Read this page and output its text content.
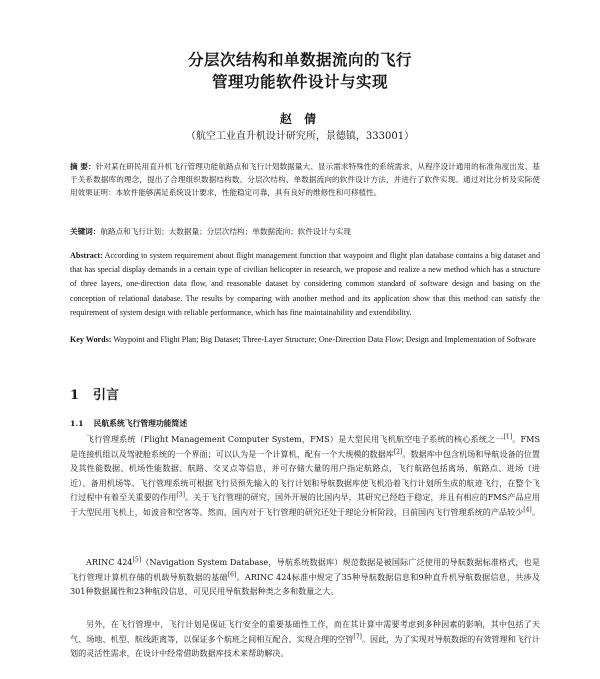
分层次结构和单数据流向的飞行
管理功能软件设计与实现
赵 倩
（航空工业直升机设计研究所，景德镇，333001）
摘 要：针对某在研民用直升机飞行管理功能航路点和飞行计划数据量大、显示需求特殊性的系统需求，从程序设计通用的标准角度出发、基于关系数据库的理念，提出了合理组织数据结构数、分层次结构、单数据流向的软件设计方法，并进行了软件实现。通过对比分析及实际使用效果证明：本软件能够满足系统设计要求，性能稳定可靠，具有良好的维修性和可移植性。
关键词：航路点和飞行计划；大数据量；分层次结构；单数据流向；软件设计与实现
Abstract: According to system requirement about flight management function that waypoint and flight plan database contains a big dataset and that has special display demands in a certain type of civilian helicopter in research, we propose and realize a new method which has a structure of three layers, one-direction data flow, and reasonable dataset by considering common standard of software design and basing on the conception of relational database. The results by comparing with another method and its application show that this method can satisfy the requirement of system design with reliable performance, which has fine maintainability and extendibility.
Key Words: Waypoint and Flight Plan; Big Dataset; Three-Layer Structure; One-Direction Data Flow; Design and Implementation of Software
1 引言
1.1 民航系统飞行管理功能简述
飞行管理系统（Flight Management Computer System，FMS）是大型民用飞机航空电子系统的核心系统之一[1]。FMS是连接机组以及驾驶舱系统的一个界面；可以认为是一个计算机，配有一个大规模的数据库[2]。数据库中包含机场和导航设备的位置及其性能数据、机场性能数据、航路、交叉点等信息，并可存储大量的用户指定航路点，飞行航路包括离场、航路点、进场（进近）、备用机场等。飞行管理系统可根据飞行员预先输入的飞行计划和导航数据库使飞机沿着飞行计划所生成的航迹飞行，在整个飞行过程中有着至关重要的作用[3]。关于飞行管理的研究，国外开展的比国内早，其研究已经趋于稳定，并且有相应的FMS产品应用于大型民用飞机上，如波音和空客等。然而，国内对于飞行管理的研究还处于理论分析阶段，目前国内飞行管理系统的产品较少[4]。
ARINC 424[5]（Navigation System Database，导航系统数据库）规范数据是被国际广泛使用的导航数据标准格式，也是飞行管理计算机存储的机载导航数据的基础[6]。ARINC 424标准中规定了35种导航数据信息和9种直升机导航数据信息，共涉及301种数据属性和23种航段信息，可见民用导航数据种类之多和数量之大。
另外，在飞行管理中，飞行计划是保证飞行安全的重要基础性工作，而在其计算中需要考虑到多种因素的影响，其中包括了天气、场地、机型、航线距离等，以保证多个航班之间相互配合，实现合理的空管[7]。因此，为了实现对导航数据的有效管理和飞行计划的灵活性需求，在设计中经常借助数据库技术来帮助解决。
